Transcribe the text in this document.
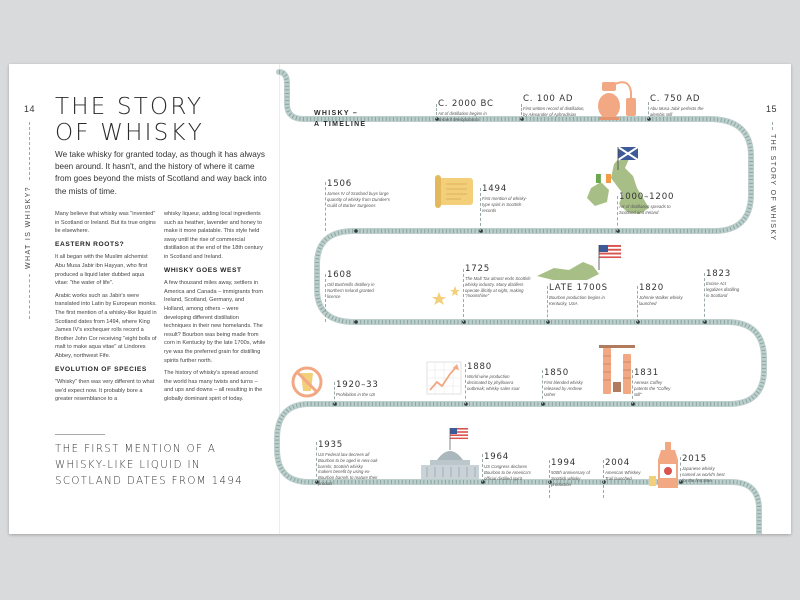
14
WHAT IS WHISKY?
THE STORY
OF WHISKY
We take whisky for granted today, as though it has always been around. It hasn't, and the history of where it came from goes beyond the mists of Scotland and way back into the mists of time.

Many believe that whisky was "invented" in Scotland or Ireland. But its true origins lie elsewhere.

EASTERN ROOTS?

It all began with the Muslim alchemist Abu Musa Jabir ibn Hayyan, who first produced a liquid later dubbed aqua vitae: "the water of life".

Arabic works such as Jabir's were translated into Latin by European monks. The first mention of a whisky-like liquid in Scotland dates from 1494, where King James IV's exchequer rolls record a Brother John Cor receiving "eight bolls of malt to make aqua vitae" at Lindores Abbey, northwest Fife.

EVOLUTION OF SPECIES

"Whisky" then was very different to what we'd expect now. It probably bore a greater resemblance to a

whisky liqueur, adding local ingredients such as heather, lavender and honey to make it more palatable. This style held sway until the rise of commercial distillation at the end of the 18th century in Scotland and Ireland.

WHISKY GOES WEST

A few thousand miles away, settlers in America and Canada – immigrants from Ireland, Scotland, Germany, and Holland, among others – were developing different distillation techniques in their new homelands. The result? Bourbon was being made from corn in Kentucky by the late 1700s, while rye was the preferred grain for distilling spirits further north.

The history of whisky's spread around the world has many twists and turns – and ups and downs – all resulting in the globally dominant spirit of today.

THE FIRST MENTION OF A WHISKY-LIKE LIQUID IN SCOTLAND DATES FROM 1494
15
THE STORY OF WHISKY
WHISKY –
A TIMELINE
C. 2000 BC
Art of distillation begins in ancient Mesopotamia
C. 100 AD
First written record of distillation, by Alexander of Aphrodisias
C. 750 AD
Abu Musa Jabir perfects the alembic still
1506
James IV of Scotland buys large quantity of whisky from Dundee's Guild of Barber Surgeons
1494
First mention of whisky-type spirit in Scottish records
1000–1200
Art of distillation spreads to Scotland and Ireland
1608
Old Bushmills distillery in Northern Ireland granted licence
1725
The Malt Tax almost ends Scottish whisky industry. Many distillers operate illicitly at night, making "moonshine"
LATE 1700S
Bourbon production begins in Kentucky, USA
1820
Johnnie Walker whisky launched
1823
Excise Act legalizes distilling in Scotland
1920–33
Prohibition in the US
1880
World wine production decimated by phylloxera outbreak; whisky sales soar
1850
First blended whisky released by Andrew Usher
1831
Aeneas Coffey patents the "Coffey still"
1935
US Federal law decrees all Bourbon to be aged in new oak barrels; Scottish whisky makers benefit by using ex-Bourbon barrels to mature their product
1964
US Congress declares Bourbon to be America's official distilled spirit
1994
500th anniversary of Scottish whisky production
2004
American Whiskey Trail launched
2015
Japanese whisky named as world's best for the first time
